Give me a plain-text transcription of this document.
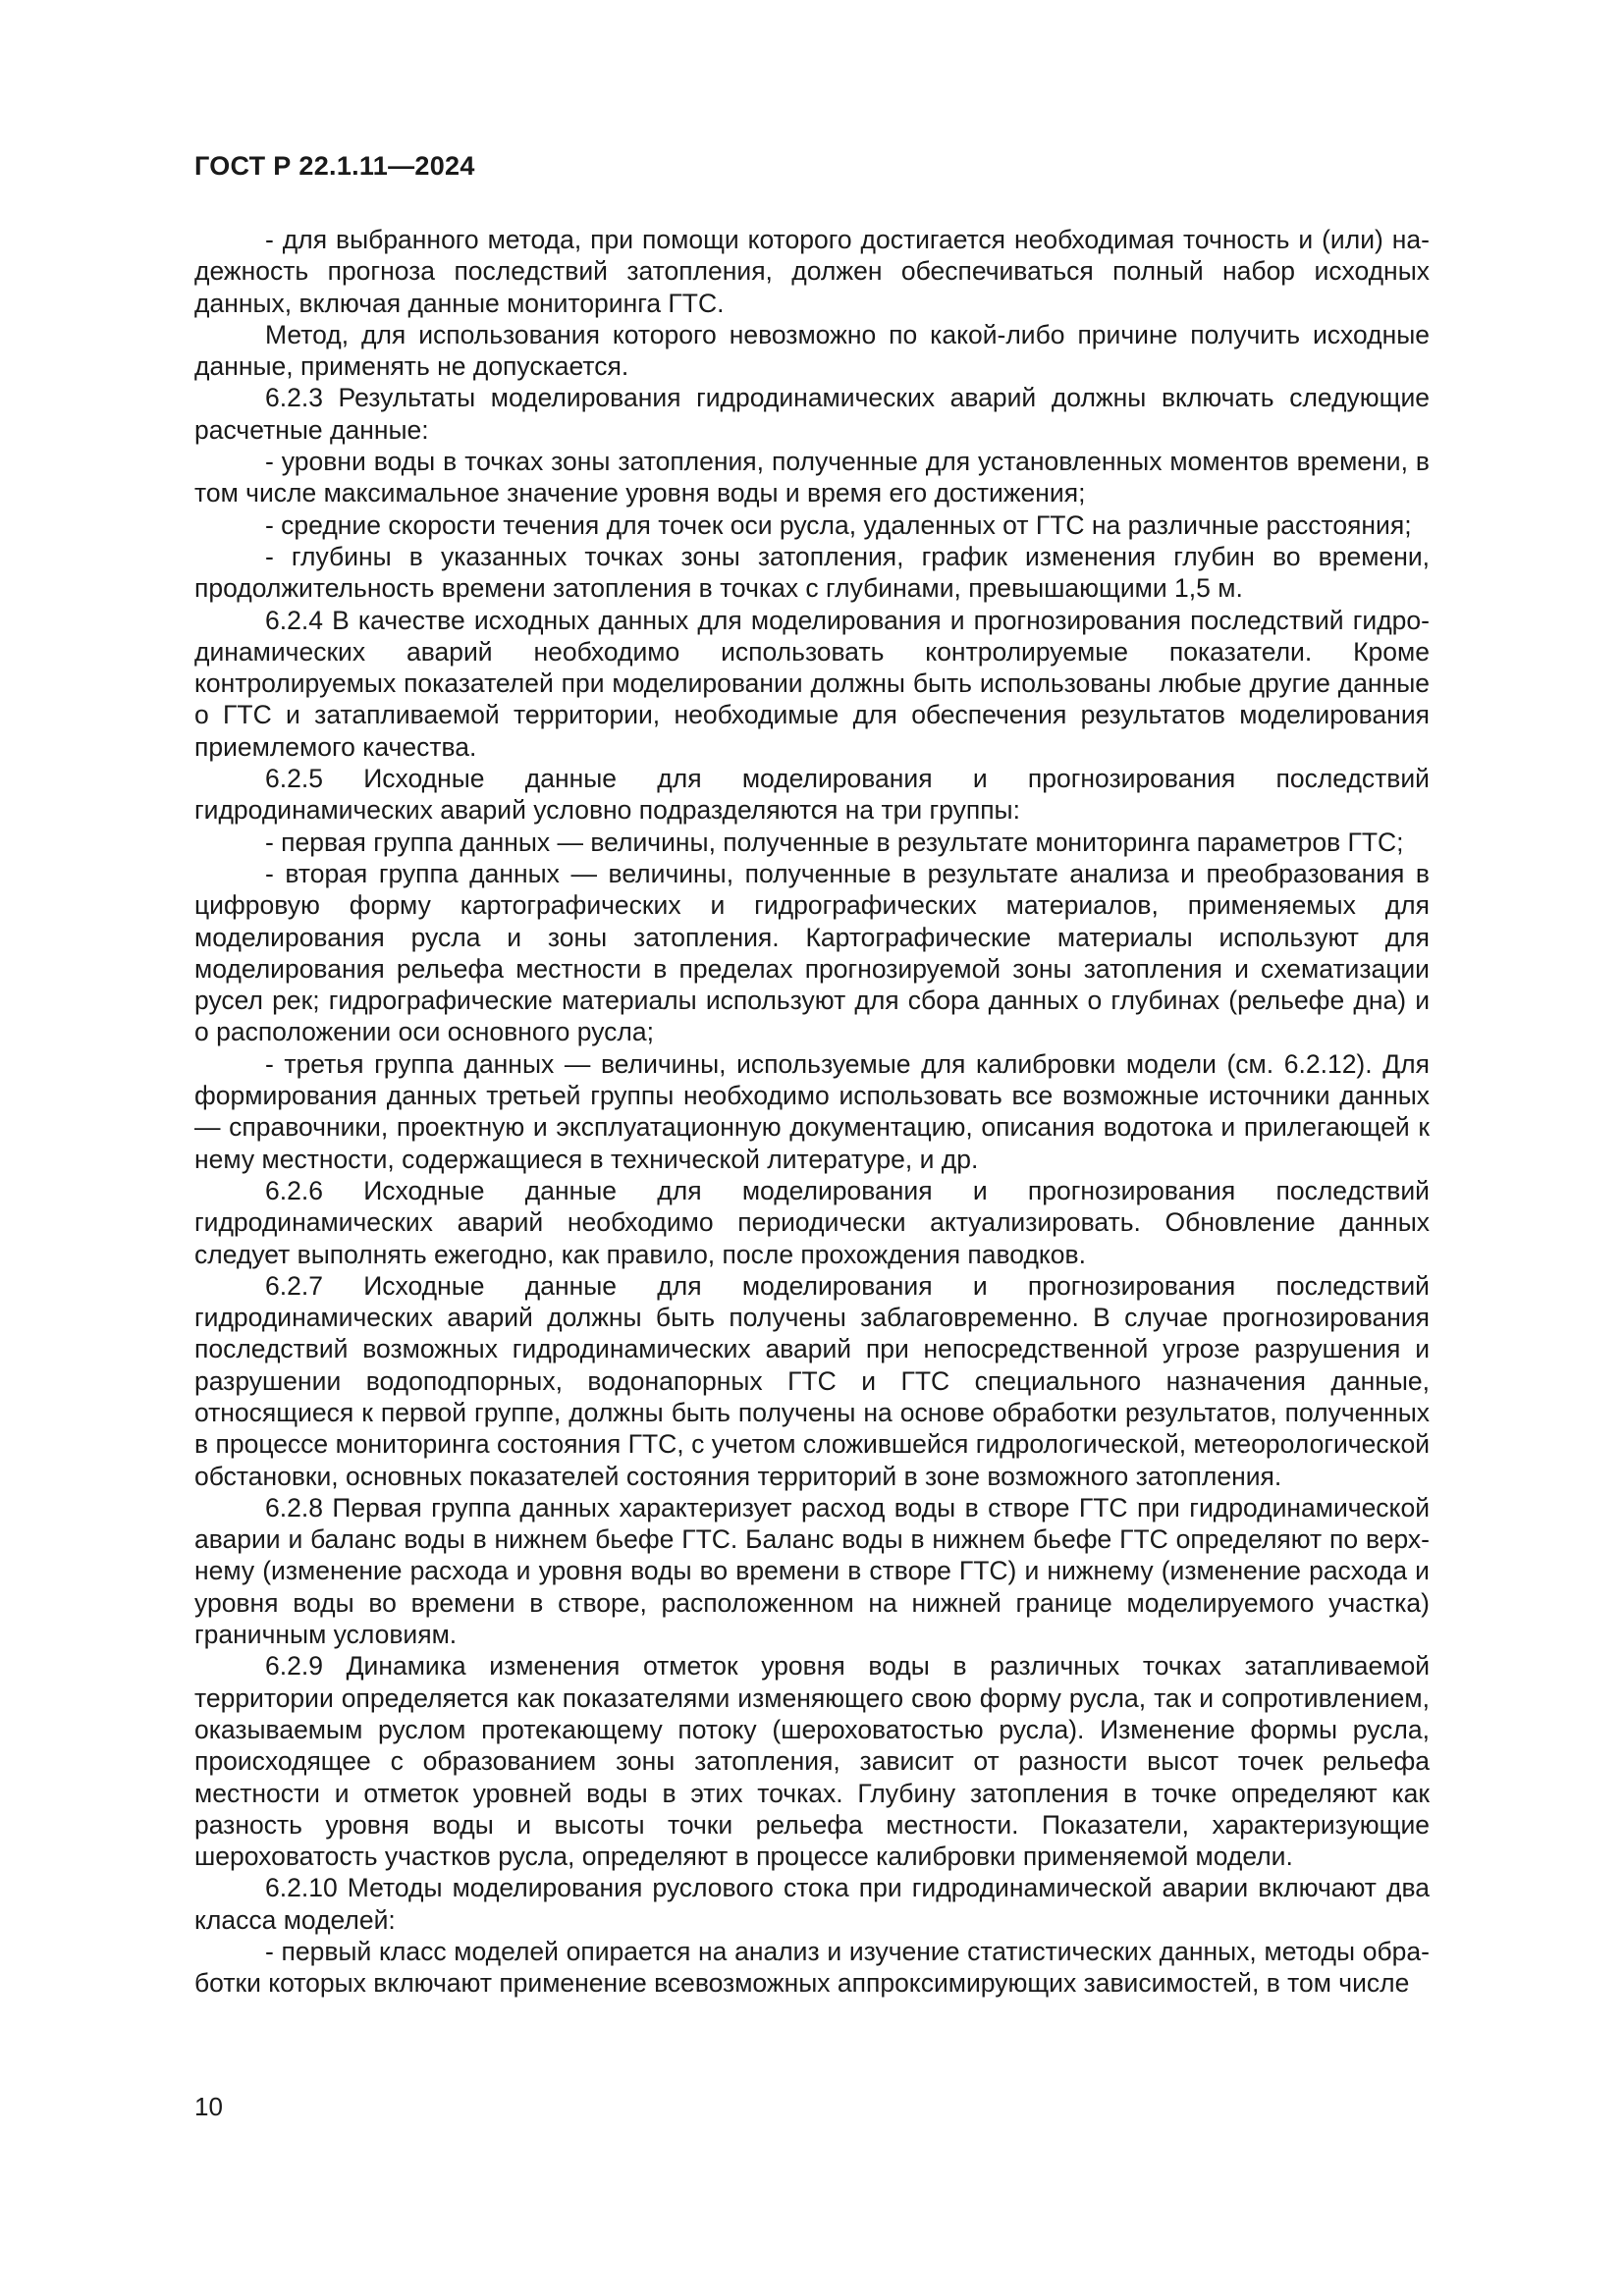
ГОСТ Р 22.1.11—2024

- для выбранного метода, при помощи которого достигается необходимая точность и (или) надежность прогноза последствий затопления, должен обеспечиваться полный набор исходных данных, включая данные мониторинга ГТС.

Метод, для использования которого невозможно по какой-либо причине получить исходные данные, применять не допускается.

6.2.3 Результаты моделирования гидродинамических аварий должны включать следующие расчетные данные:

- уровни воды в точках зоны затопления, полученные для установленных моментов времени, в том числе максимальное значение уровня воды и время его достижения;

- средние скорости течения для точек оси русла, удаленных от ГТС на различные расстояния;

- глубины в указанных точках зоны затопления, график изменения глубин во времени, продолжительность времени затопления в точках с глубинами, превышающими 1,5 м.

6.2.4 В качестве исходных данных для моделирования и прогнозирования последствий гидродинамических аварий необходимо использовать контролируемые показатели. Кроме контролируемых показателей при моделировании должны быть использованы любые другие данные о ГТС и затапливаемой территории, необходимые для обеспечения результатов моделирования приемлемого качества.

6.2.5 Исходные данные для моделирования и прогнозирования последствий гидродинамических аварий условно подразделяются на три группы:

- первая группа данных — величины, полученные в результате мониторинга параметров ГТС;

- вторая группа данных — величины, полученные в результате анализа и преобразования в цифровую форму картографических и гидрографических материалов, применяемых для моделирования русла и зоны затопления. Картографические материалы используют для моделирования рельефа местности в пределах прогнозируемой зоны затопления и схематизации русел рек; гидрографические материалы используют для сбора данных о глубинах (рельефе дна) и о расположении оси основного русла;

- третья группа данных — величины, используемые для калибровки модели (см. 6.2.12). Для формирования данных третьей группы необходимо использовать все возможные источники данных — справочники, проектную и эксплуатационную документацию, описания водотока и прилегающей к нему местности, содержащиеся в технической литературе, и др.

6.2.6 Исходные данные для моделирования и прогнозирования последствий гидродинамических аварий необходимо периодически актуализировать. Обновление данных следует выполнять ежегодно, как правило, после прохождения паводков.

6.2.7 Исходные данные для моделирования и прогнозирования последствий гидродинамических аварий должны быть получены заблаговременно. В случае прогнозирования последствий возможных гидродинамических аварий при непосредственной угрозе разрушения и разрушении водоподпорных, водонапорных ГТС и ГТС специального назначения данные, относящиеся к первой группе, должны быть получены на основе обработки результатов, полученных в процессе мониторинга состояния ГТС, с учетом сложившейся гидрологической, метеорологической обстановки, основных показателей состояния территорий в зоне возможного затопления.

6.2.8 Первая группа данных характеризует расход воды в створе ГТС при гидродинамической аварии и баланс воды в нижнем бьефе ГТС. Баланс воды в нижнем бьефе ГТС определяют по верхнему (изменение расхода и уровня воды во времени в створе ГТС) и нижнему (изменение расхода и уровня воды во времени в створе, расположенном на нижней границе моделируемого участка) граничным условиям.

6.2.9 Динамика изменения отметок уровня воды в различных точках затапливаемой территории определяется как показателями изменяющего свою форму русла, так и сопротивлением, оказываемым руслом протекающему потоку (шероховатостью русла). Изменение формы русла, происходящее с образованием зоны затопления, зависит от разности высот точек рельефа местности и отметок уровней воды в этих точках. Глубину затопления в точке определяют как разность уровня воды и высоты точки рельефа местности. Показатели, характеризующие шероховатость участков русла, определяют в процессе калибровки применяемой модели.

6.2.10 Методы моделирования руслового стока при гидродинамической аварии включают два класса моделей:

- первый класс моделей опирается на анализ и изучение статистических данных, методы обработки которых включают применение всевозможных аппроксимирующих зависимостей, в том числе

10
